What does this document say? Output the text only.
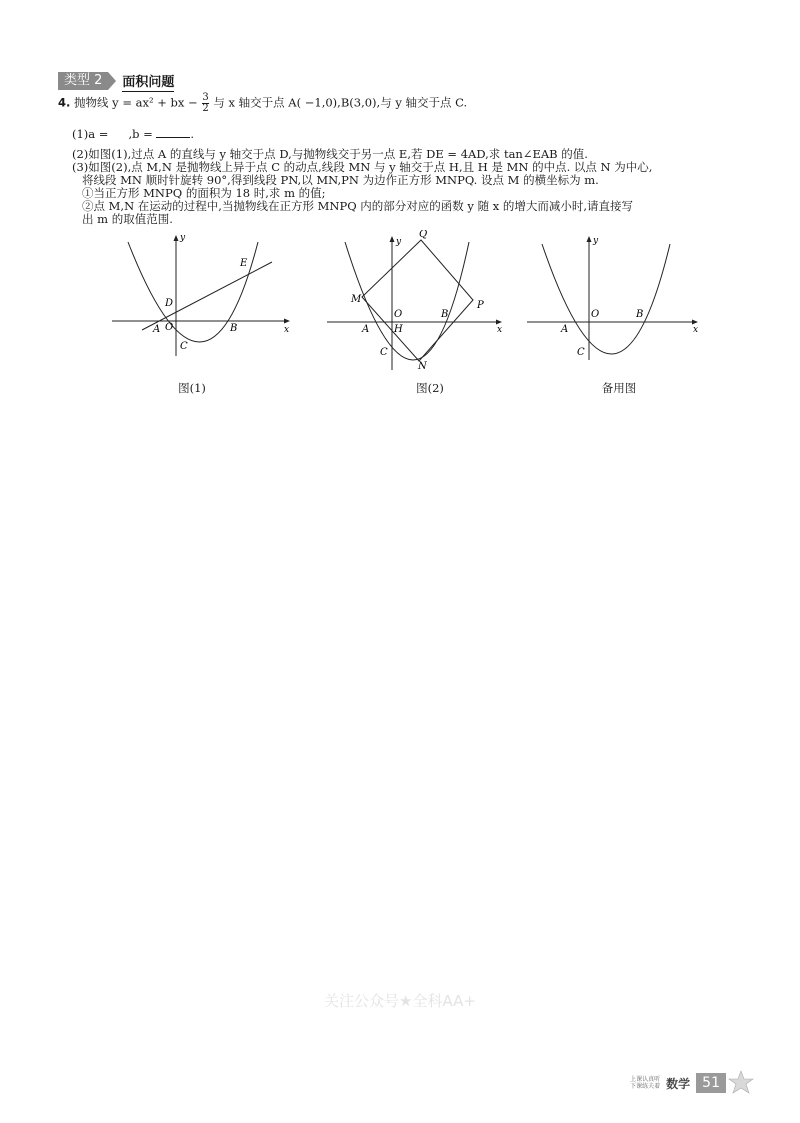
类型 2	面积问题
4. 抛物线 y = ax² + bx − $\frac{3}{2}$ 与 x 轴交于点 A( −1,0),B(3,0),与 y 轴交于点 C.
(1)a = ,b =	.
(2)如图(1),过点 A 的直线与 y 轴交于点 D,与抛物线交于另一点 E,若 DE = 4AD,求 tan∠EAB 的值.
(3)如图(2),点 M,N 是抛物线上异于点 C 的动点,线段 MN 与 y 轴交于点 H,且 H 是 MN 的中点. 以点 N 为中心,
将线段 MN 顺时针旋转 90°,得到线段 PN,以 MN,PN 为边作正方形 MNPQ. 设点 M 的横坐标为 m.
①当正方形 MNPQ 的面积为 18 时,求 m 的值;
②点 M,N 在运动的过程中,当抛物线在正方形 MNPQ 内的部分对应的函数 y 随 x 的增大而减小时,请直接写
出 m 的取值范围.
y
x
E
D
A O	B
C
y
x
Q
M
P
O
A H
B
C
N
y
x
A
O	B
C
图(1)	图(2)	备用图
关注公众号★全科AA+
上课认真听
下课练夫着 数学 51
